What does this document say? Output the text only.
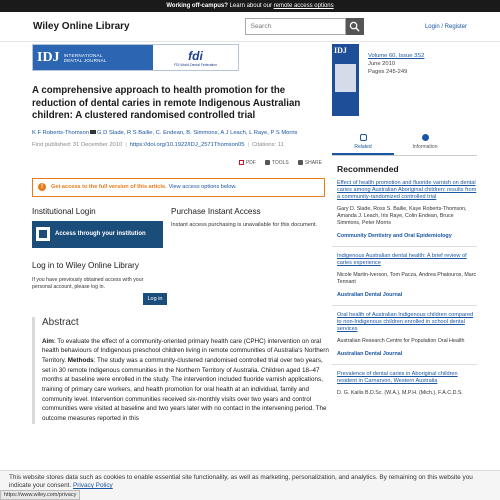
Working off-campus? Learn about our remote access options
Wiley Online Library	Search	Login / Register
IDJ INTERNATIONAL
DENTAL JOURNAL	fdi
FDI World Dental Federation
A comprehensive approach to health promotion for the reduction of dental caries in remote Indigenous Australian children: A clustered randomised controlled trial
K F Roberts-Thomson G D Slade, R S Bailie, C. Endean, B. Simmons, A J Leach, L Raye, P S Morris
First published: 31 December 2010 | https://doi.org/10.1922/IDJ_2571Thomson05 | Citations: 11
PDF	TOOLS	SHARE
!	Get access to the full version of this article. View access options below.
Institutional Login
Access through your institution
Purchase Instant Access
Instant access purchasing is unavailable for this document.
Log in to Wiley Online Library
If you have previously obtained access with your personal account, please log in.
Log in
Abstract

Aim: To evaluate the effect of a community-oriented primary health care (CPHC) intervention on oral health behaviours of Indigenous preschool children living in remote communities of Australia's Northern Territory. Methods: The study was a community-clustered randomised controlled trial over two years, set in 30 remote Indigenous communities in the Northern Territory of Australia. Children aged 18–47 months at baseline were enrolled in the study. The intervention included fluoride varnish applications, training of primary care workers, and health promotion for oral health at an individual, family and community level. Intervention communities received six-monthly visits over two years and control communities were visited at baseline and two years later with no contact in the intervening period. The outcome measures reported in this

IDJ
Volume 60, Issue 3S2
June 2010
Pages 245-249
Related	Information
Recommended
Effect of health promotion and fluoride varnish on dental caries among Australian Aboriginal children: results from a community-randomized controlled trial
Gary D. Slade, Ross S. Bailie, Kaye Roberts-Thomson, Amanda J. Leach, Iris Raye, Colin Endean, Bruce Simmons, Peter Morris
Community Dentistry and Oral Epidemiology
Indigenous Australian dental health: A brief review of caries experience
Nicole Martin-Iverson, Tom Pacza, Andrea Phatouros, Marc Tennant
Australian Dental Journal
Oral health of Australian Indigenous children compared to non-Indigenous children enrolled in school dental services
Australian Research Centre for Population Oral Health
Australian Dental Journal
Prevalence of dental caries in Aboriginal children resident in Carnarvon, Western Australia
D. G. Kailis B.D.Sc. (W.A.), M.P.H. (Mich.), F.A.C.D.S.
This website stores data such as cookies to enable essential site functionality, as well as marketing, personalization, and analytics. By remaining on this website you indicate your consent. Privacy Policy
https://www.wiley.com/privacy
